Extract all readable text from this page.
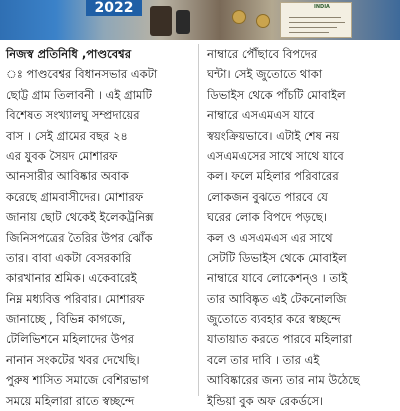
2022	INDIA
নিজস্ব প্রতিনিধি ,পাণ্ডবেশ্বর
ঃ পাণ্ডবেশ্বর বিধানসভার একটা
ছোট্ট গ্রাম তিলাবনী । এই গ্রামটি
বিশেষত সংখ্যালঘু সম্প্রদায়ের
বাস । সেই গ্রামের বছর ২৪
এর যুবক সৈয়দ মোশারফ
আনসারীর আবিষ্কার অবাক
করেছে গ্রামবাসীদের। মোশারফ
জানায় ছোট থেকেই ইলেকট্রনিক্স
জিনিসপত্রের তৈরির উপর ঝোঁক
তার। বাবা একটা বেসরকারি
কারখানার শ্রমিক। একেবারেই
নিম্ন মধ্যবিত্ত পরিবার। মোশারফ
জানাচ্ছে , বিভিন্ন কাগজে,
টেলিভিশনে মহিলাদের উপর
নানান সংকটের খবর দেখেছি।
পুরুষ শাসিত সমাজে বেশিরভাগ
সময়ে মহিলারা রাতে স্বচ্ছন্দে
নাম্বারে পৌঁছাবে বিপদের
ঘন্টা। সেই জুতোতে থাকা
ডিভাইস থেকে পাঁচটি মোবাইল
নাম্বারে এসএমএস যাবে
স্বয়ংক্রিয়ভাবে। এটাই শেষ নয়
এসএমএসের সাথে সাথে যাবে
কল। ফলে মহিলার পরিবারের
লোকজন বুঝতে পারবে যে
ঘরের লোক বিপদে পড়ছে।
কল ও এসএমএস এর সাথে
সেটটি ডিভাইস থেকে মোবাইল
নাম্বারে যাবে লোকেশন্ও । তাই
তার আবিষ্কৃত এই টেকনোলজি
জুতোতে ব্যবহার করে স্বচ্ছন্দে
যাতায়াত করতে পারবে মহিলারা
বলে তার দাবি । তার এই
আবিষ্কারের জন্য তার নাম উঠেছে
ইন্ডিয়া বুক অফ রেকর্ডসে।
